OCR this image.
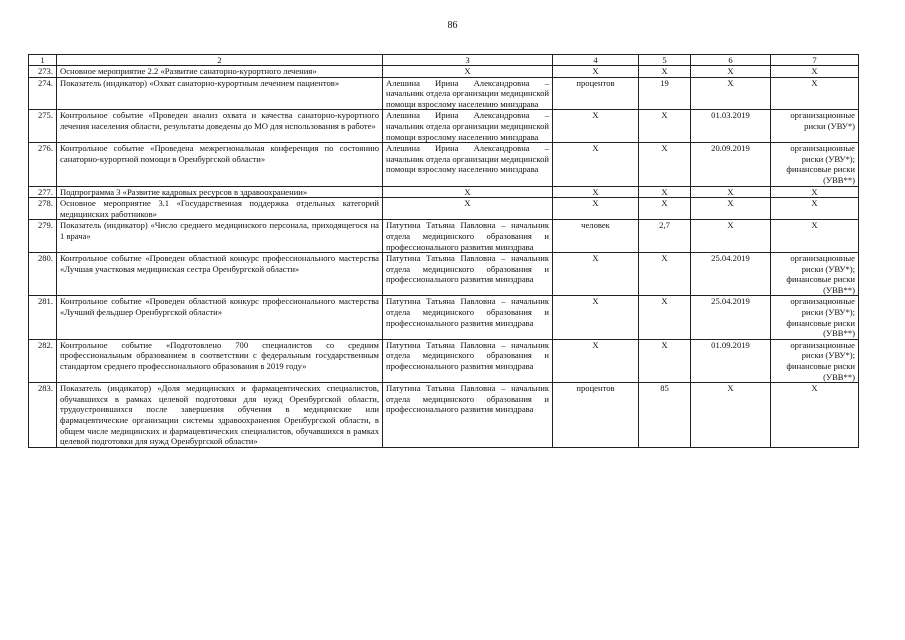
86
1	2	3	4	5	6	7
273.	Основное мероприятие 2.2 «Развитие санаторно-курортного лечения»	Х	Х	Х	Х	Х
274.	Показатель (индикатор) «Охват санаторно-курортным лечением пациентов»	Алешина Ирина Александровна – начальник отдела организации медицинской помощи взрослому населению минздрава	процентов	19	Х	Х
275.	Контрольное событие «Проведен анализ охвата и качества санаторно-курортного лечения населения области, результаты доведены до МО для использования в работе»	Алешина Ирина Александровна – начальник отдела организации медицинской помощи взрослому населению минздрава	Х	Х	01.03.2019	организационные риски (УВУ*)
276.	Контрольное событие «Проведена межрегиональная конференция по состоянию санаторно-курортной помощи в Оренбургской области»	Алешина Ирина Александровна – начальник отдела организации медицинской помощи взрослому населению минздрава	Х	Х	20.09.2019	организационные риски (УВУ*); финансовые риски (УВВ**)
277.	Подпрограмма 3 «Развитие кадровых ресурсов в здравоохранении»	Х	Х	Х	Х	Х
278.	Основное мероприятие 3.1 «Государственная поддержка отдельных категорий медицинских работников»	Х	Х	Х	Х	Х
279.	Показатель (индикатор) «Число среднего медицинского персонала, приходящегося на 1 врача»	Патутина Татьяна Павловна – начальник отдела медицинского образования и профессионального развития минздрава	человек	2,7	Х	Х
280.	Контрольное событие «Проведен областной конкурс профессионального мастерства «Лучшая участковая медицинская сестра Оренбургской области»	Патутина Татьяна Павловна – начальник отдела медицинского образования и профессионального развития минздрава	Х	Х	25.04.2019	организационные риски (УВУ*); финансовые риски (УВВ**)
281.	Контрольное событие «Проведен областной конкурс профессионального мастерства «Лучший фельдшер Оренбургской области»	Патутина Татьяна Павловна – начальник отдела медицинского образования и профессионального развития минздрава	Х	Х	25.04.2019	организационные риски (УВУ*); финансовые риски (УВВ**)
282.	Контрольное событие «Подготовлено 700 специалистов со средним профессиональным образованием в соответствии с федеральным государственным стандартом среднего профессионального образования в 2019 году»	Патутина Татьяна Павловна – начальник отдела медицинского образования и профессионального развития минздрава	Х	Х	01.09.2019	организационные риски (УВУ*); финансовые риски (УВВ**)
283.	Показатель (индикатор) «Доля медицинских и фармацевтических специалистов, обучавшихся в рамках целевой подготовки для нужд Оренбургской области, трудоустроившихся после завершения обучения в медицинские или фармацевтические организации системы здравоохранения Оренбургской области, в общем числе медицинских и фармацевтических специалистов, обучавшихся в рамках целевой подготовки для нужд Оренбургской области»	Патутина Татьяна Павловна – начальник отдела медицинского образования и профессионального развития минздрава	процентов	85	Х	Х
